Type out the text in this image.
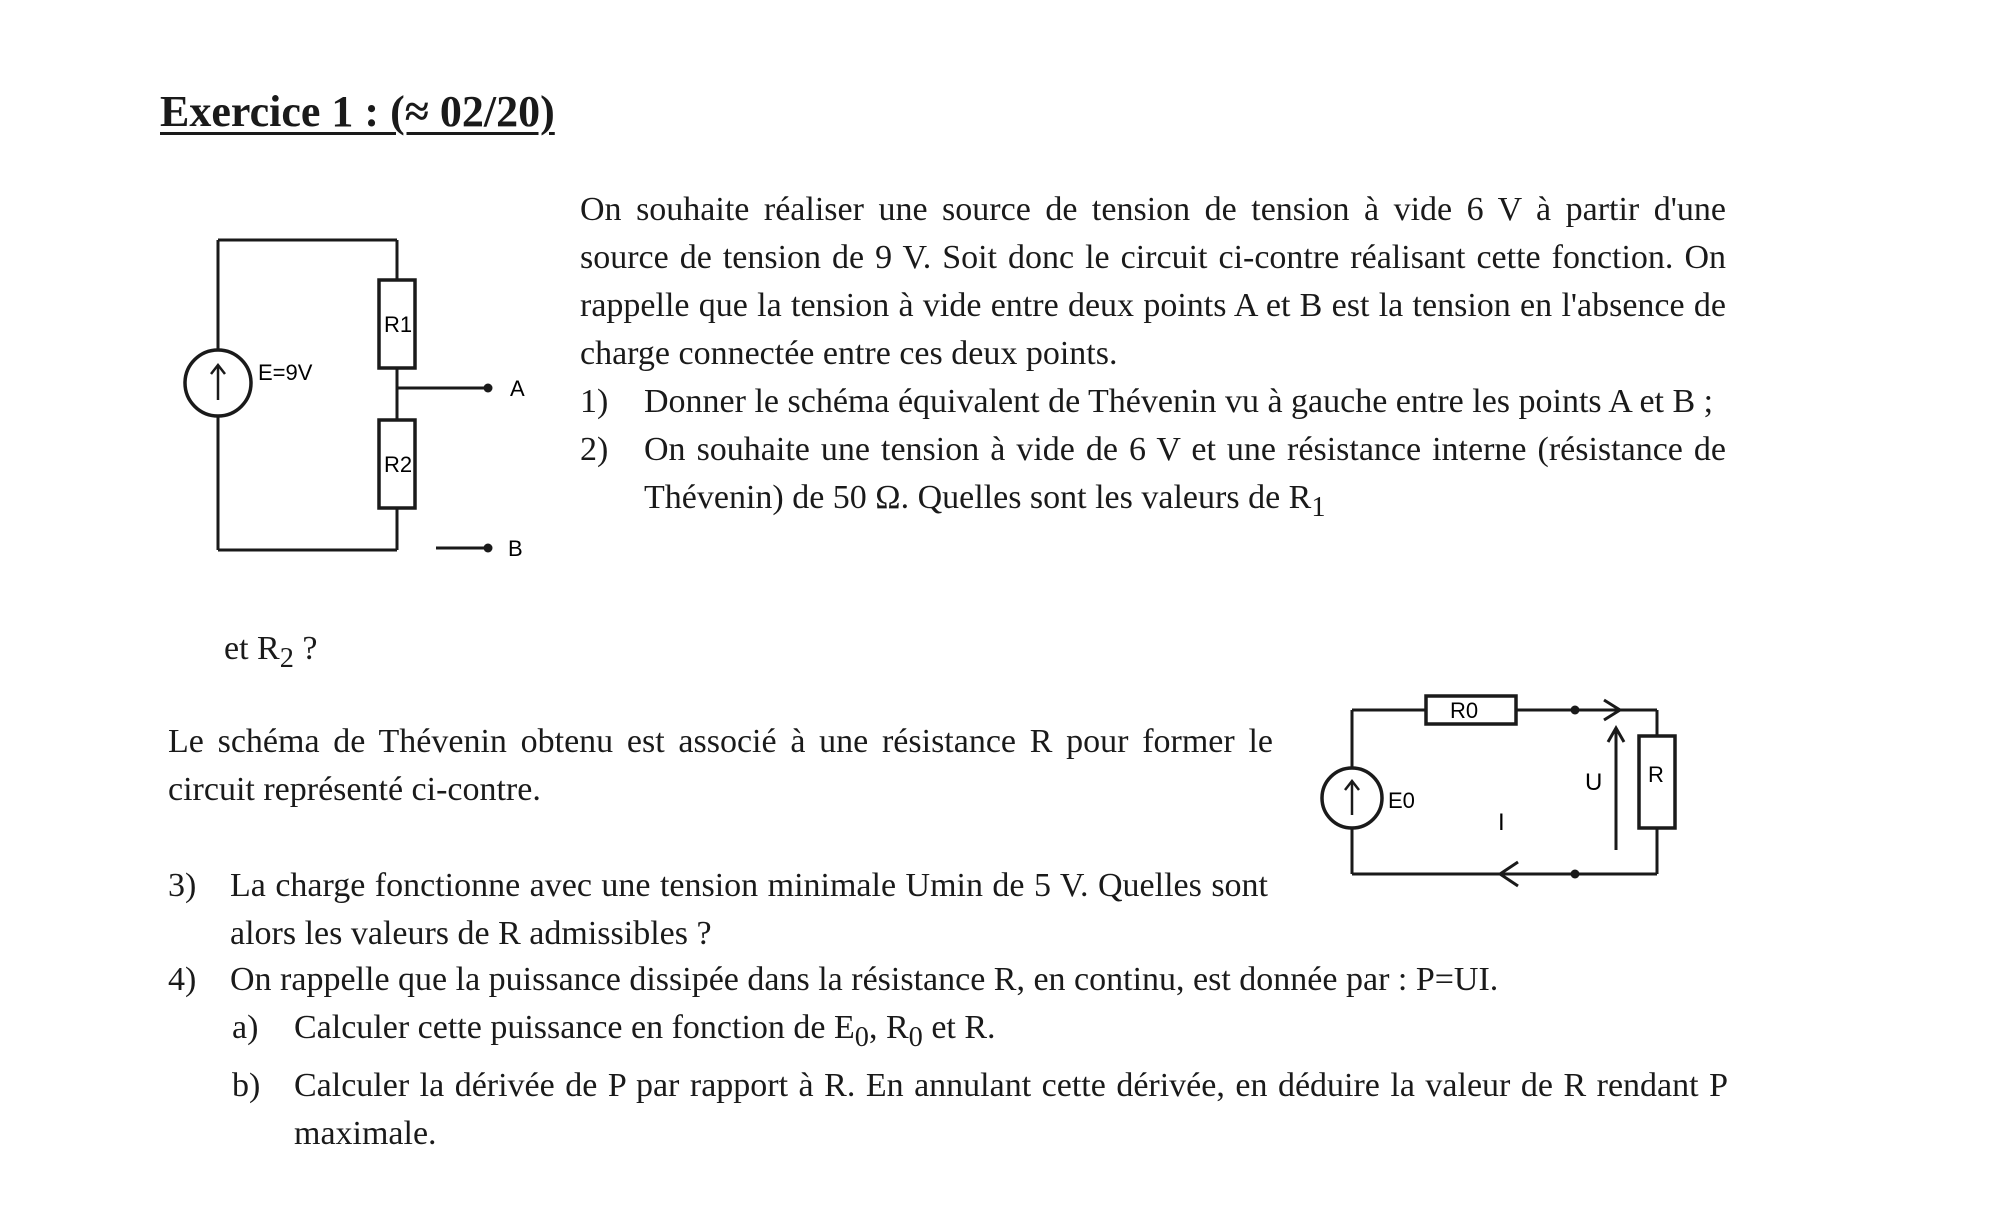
Exercice 1 : (≈ 02/20)
E=9V
R1
R2
A
B
On souhaite réaliser une source de tension de tension à vide 6 V à partir d'une source de tension de 9 V. Soit donc le circuit ci-contre réalisant cette fonction. On rappelle que la tension à vide entre deux points A et B est la tension en l'absence de charge connectée entre ces deux points.
1)	Donner le schéma équivalent de Thévenin vu à gauche entre les points A et B ;
2)	On souhaite une tension à vide de 6 V et une résistance interne (résistance de Thévenin) de 50 Ω. Quelles sont les valeurs de $R_1$
et $R_2$ ?
Le schéma de Thévenin obtenu est associé à une résistance R pour former le circuit représenté ci-contre.
R0
E0
R
U
I
3) La charge fonctionne avec une tension minimale Umin de 5 V. Quelles sont alors les valeurs de R admissibles ?
4) On rappelle que la puissance dissipée dans la résistance R, en continu, est donnée par : P=UI.
a)	Calculer cette puissance en fonction de $E_0$, $R_0$ et R.
b) Calculer la dérivée de P par rapport à R. En annulant cette dérivée, en déduire la valeur de R rendant P maximale.
